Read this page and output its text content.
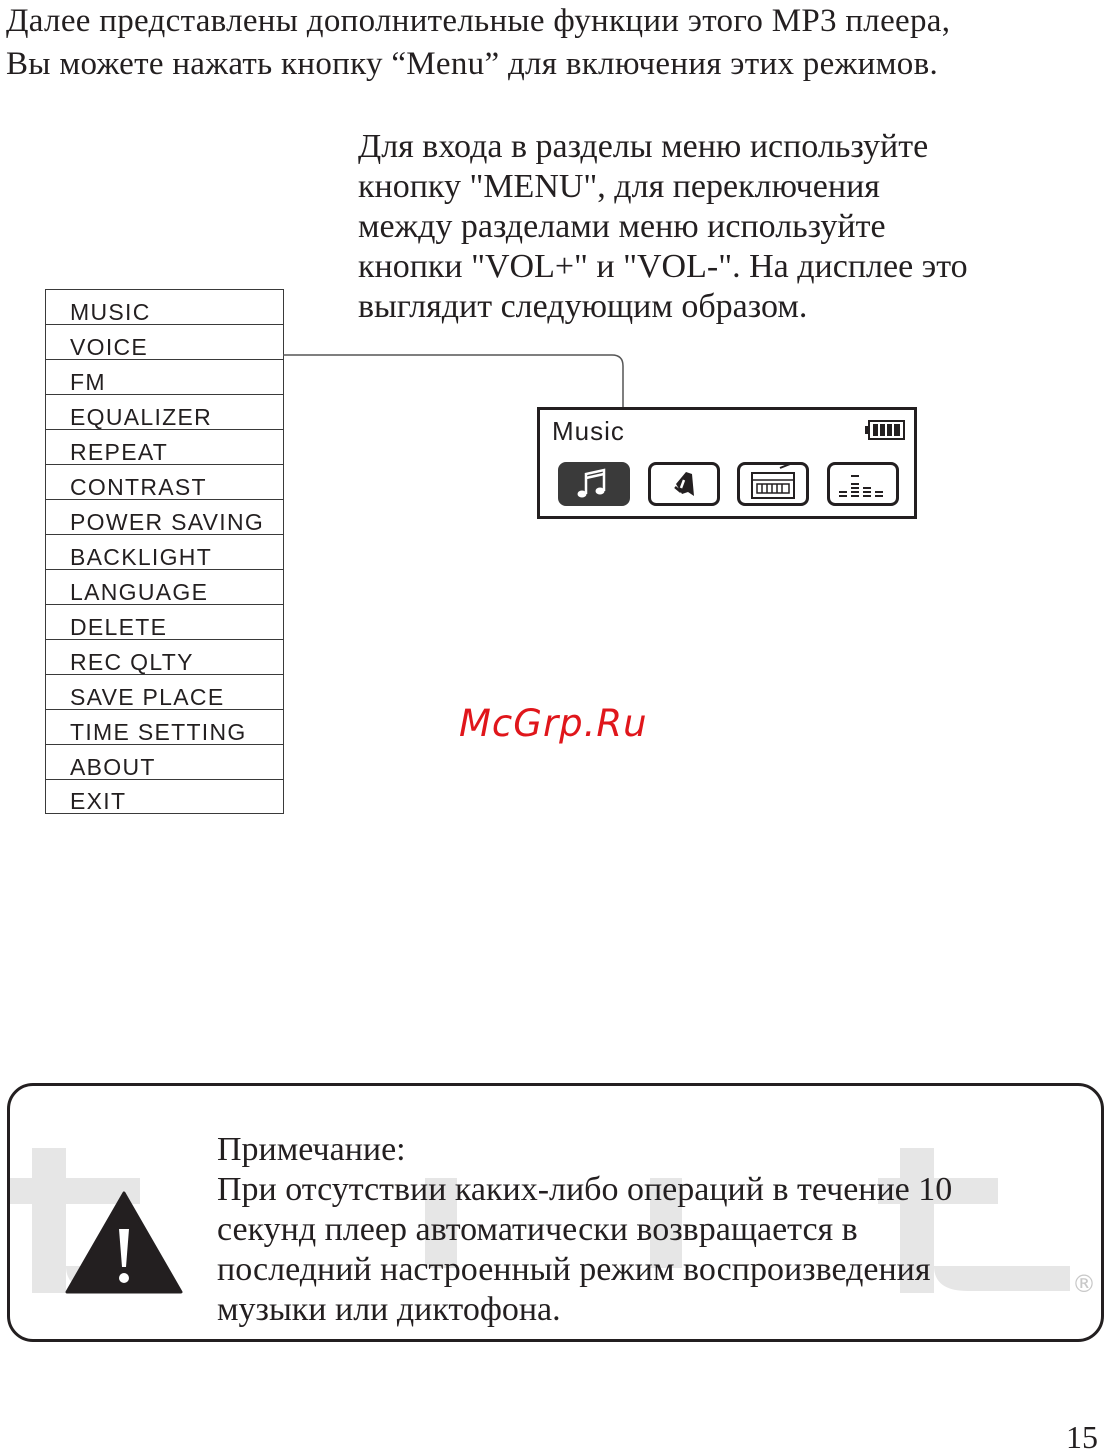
Далее представлены дополнительные функции этого МР3 плеера,

Вы можете нажать кнопку “Menu” для включения этих режимов.

Для входа в разделы меню используйте

кнопку "MENU", для переключения

между разделами меню используйте

кнопки "VOL+" и "VOL-". На дисплее это

выглядит следующим образом.

MUSIC
VOICE
FM
EQUALIZER
REPEAT
CONTRAST
POWER SAVING
BACKLIGHT
LANGUAGE
DELETE
REC QLTY
SAVE PLACE
TIME SETTING
ABOUT
EXIT
Music
McGrp.Ru
®

Примечание:

При отсутствии каких-либо операций в течение 10

секунд плеер автоматически возвращается в

последний настроенный режим воспроизведения

музыки или диктофона.

15
